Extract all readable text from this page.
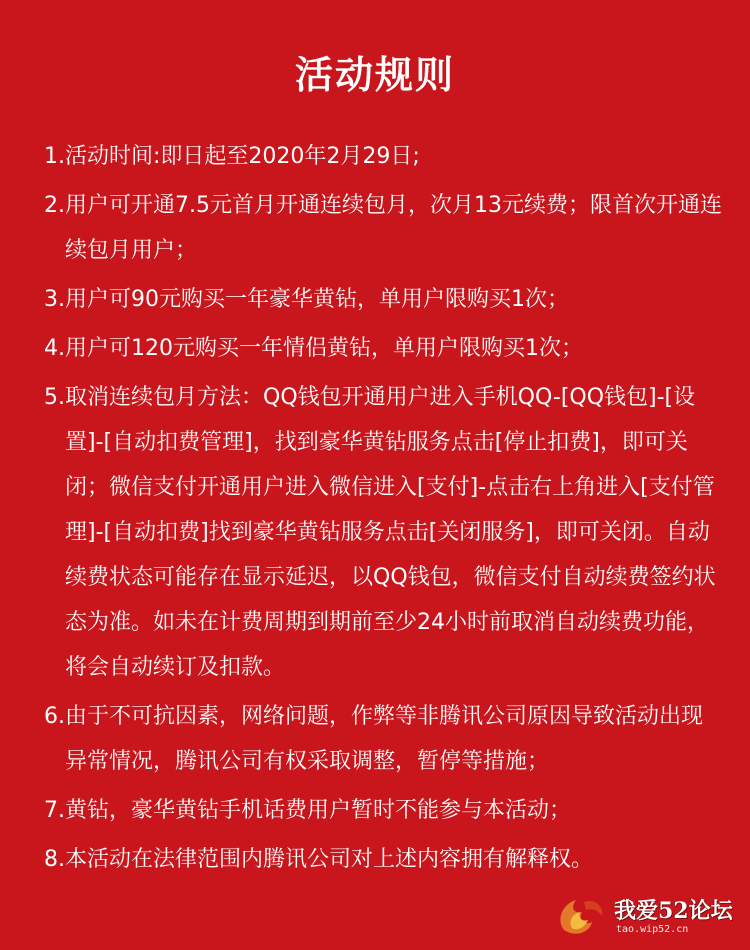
活动规则
1. 活动时间:即日起至2020年2月29日;
2. 用户可开通7.5元首月开通连续包月，次月13元续费；限首次开通连续包月用户；
3. 用户可90元购买一年豪华黄钻，单用户限购买1次；
4. 用户可120元购买一年情侣黄钻，单用户限购买1次；
5. 取消连续包月方法：QQ钱包开通用户进入手机QQ-[QQ钱包]-[设置]-[自动扣费管理]，找到豪华黄钻服务点击[停止扣费]，即可关闭；微信支付开通用户进入微信进入[支付]-点击右上角进入[支付管理]-[自动扣费]找到豪华黄钻服务点击[关闭服务]，即可关闭。自动续费状态可能存在显示延迟，以QQ钱包，微信支付自动续费签约状态为准。如未在计费周期到期前至少24小时前取消自动续费功能，将会自动续订及扣款。
6. 由于不可抗因素，网络问题，作弊等非腾讯公司原因导致活动出现异常情况，腾讯公司有权采取调整，暂停等措施；
7. 黄钻，豪华黄钻手机话费用户暂时不能参与本活动；
8. 本活动在法律范围内腾讯公司对上述内容拥有解释权。
我爱52论坛
tao.wip52.cn
